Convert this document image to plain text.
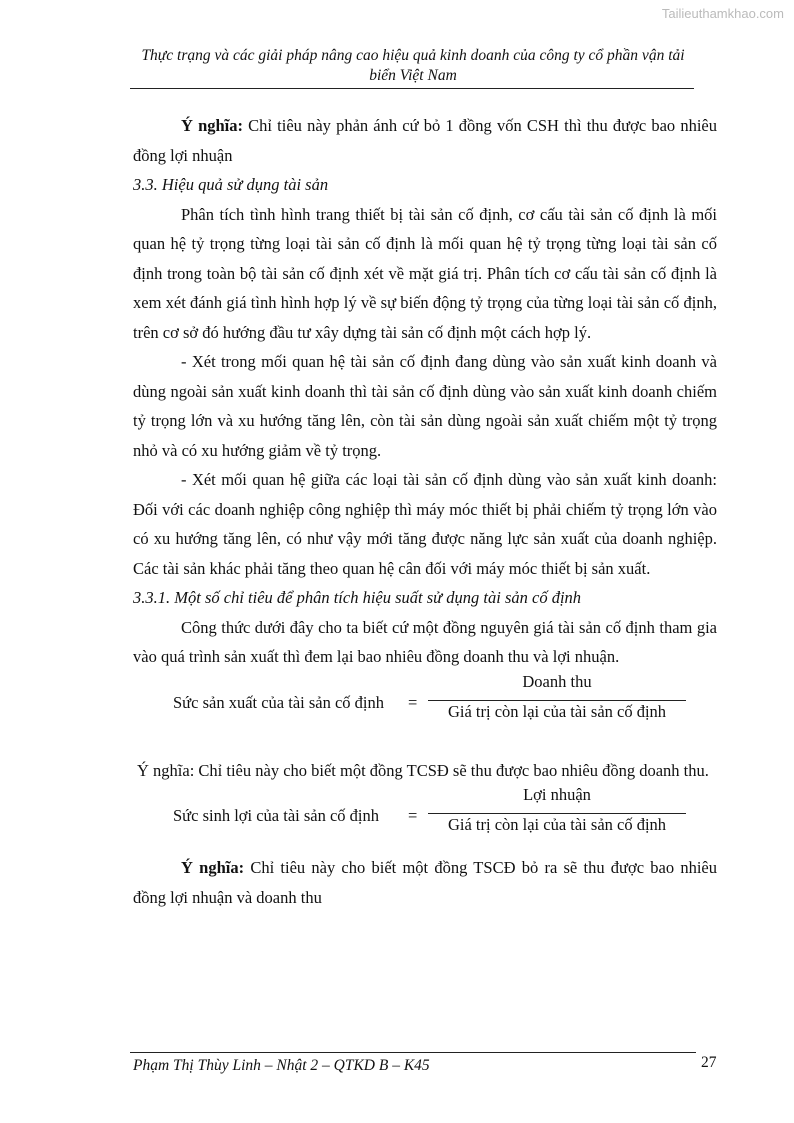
Tailieuthamkhao.com
Thực trạng và các giải pháp nâng cao hiệu quả kinh doanh của công ty cổ phần vận tải biển Việt Nam

Ý nghĩa: Chỉ tiêu này phản ánh cứ bỏ 1 đồng vốn CSH thì thu được bao nhiêu đồng lợi nhuận

3.3. Hiệu quả sử dụng tài sản

Phân tích tình hình trang thiết bị tài sản cố định, cơ cấu tài sản cố định là mối quan hệ tỷ trọng từng loại tài sản cố định là mối quan hệ tỷ trọng từng loại tài sản cố định trong toàn bộ tài sản cố định xét về mặt giá trị. Phân tích cơ cấu tài sản cố định là xem xét đánh giá tình hình hợp lý về sự biến động tỷ trọng của từng loại tài sản cố định, trên cơ sở đó hướng đầu tư xây dựng tài sản cố định một cách hợp lý.

- Xét trong mối quan hệ tài sản cố định đang dùng vào sản xuất kinh doanh và dùng ngoài sản xuất kinh doanh thì tài sản cố định dùng vào sản xuất kinh doanh chiếm tỷ trọng lớn và xu hướng tăng lên, còn tài sản dùng ngoài sản xuất chiếm một tỷ trọng nhỏ và có xu hướng giảm về tỷ trọng.

- Xét mối quan hệ giữa các loại tài sản cố định dùng vào sản xuất kinh doanh: Đối với các doanh nghiệp công nghiệp thì máy móc thiết bị phải chiếm tỷ trọng lớn vào có xu hướng tăng lên, có như vậy mới tăng được năng lực sản xuất của doanh nghiệp. Các tài sản khác phải tăng theo quan hệ cân đối với máy móc thiết bị sản xuất.

3.3.1. Một số chỉ tiêu để phân tích hiệu suất sử dụng tài sản cố định

Công thức dưới đây cho ta biết cứ một đồng nguyên giá tài sản cố định tham gia vào quá trình sản xuất thì đem lại bao nhiêu đồng doanh thu và lợi nhuận.

Sức sản xuất của tài sản cố định =
Doanh thu
Giá trị còn lại của tài sản cố định

Ý nghĩa: Chỉ tiêu này cho biết một đồng TCSĐ sẽ thu được bao nhiêu đồng doanh thu.

Sức sinh lợi của tài sản cố định =
Lợi nhuận
Giá trị còn lại của tài sản cố định

Ý nghĩa: Chỉ tiêu này cho biết một đồng TSCĐ bỏ ra sẽ thu được bao nhiêu đồng lợi nhuận và doanh thu

Phạm Thị Thùy Linh – Nhật 2 – QTKD B – K45	27
